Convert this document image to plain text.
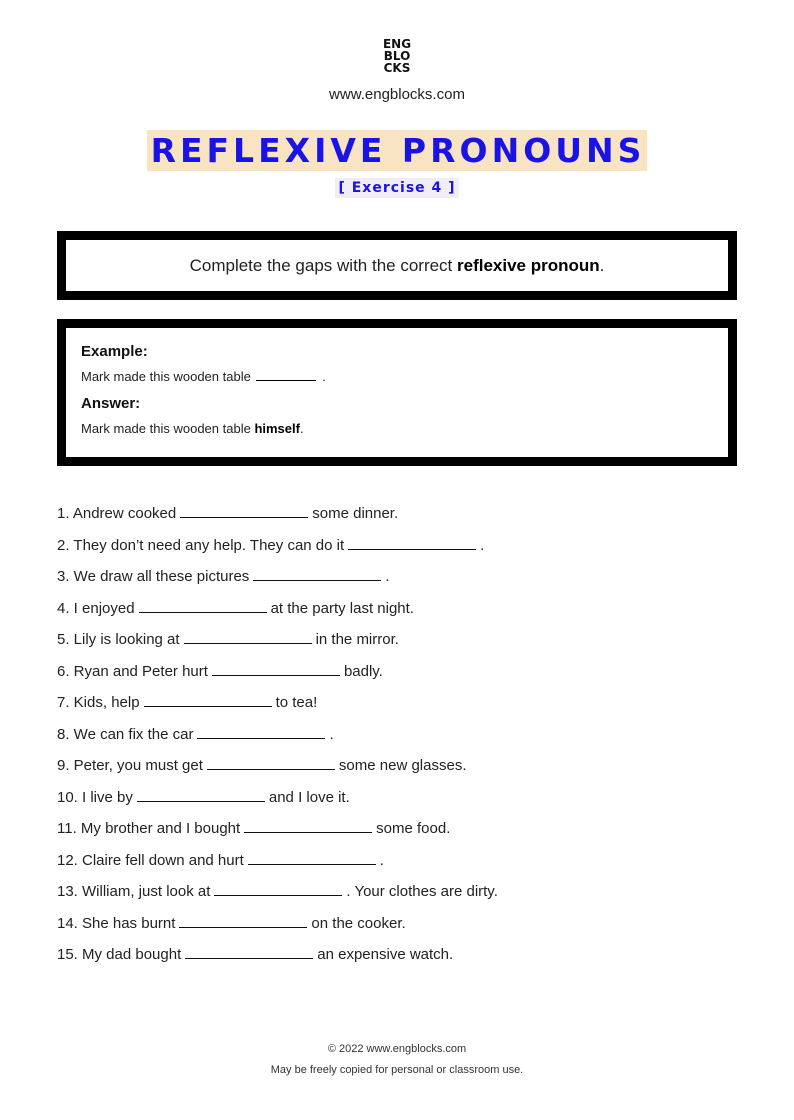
ENG
BLO
CKS
www.engblocks.com
REFLEXIVE PRONOUNS
[ Exercise 4 ]
Complete the gaps with the correct reflexive pronoun.

Example:

Mark made this wooden table	.

Answer:

Mark made this wooden table himself.

1. Andrew cooked	some dinner.
2. They don’t need any help. They can do it	.
3. We draw all these pictures	.
4. I enjoyed	at the party last night.
5. Lily is looking at	in the mirror.
6. Ryan and Peter hurt	badly.
7. Kids, help	to tea!
8. We can fix the car	.
9. Peter, you must get	some new glasses.
10. I live by	and I love it.
11. My brother and I bought	some food.
12. Claire fell down and hurt	.
13. William, just look at	. Your clothes are dirty.
14. She has burnt	on the cooker.
15. My dad bought	an expensive watch.
© 2022 www.engblocks.com
May be freely copied for personal or classroom use.
